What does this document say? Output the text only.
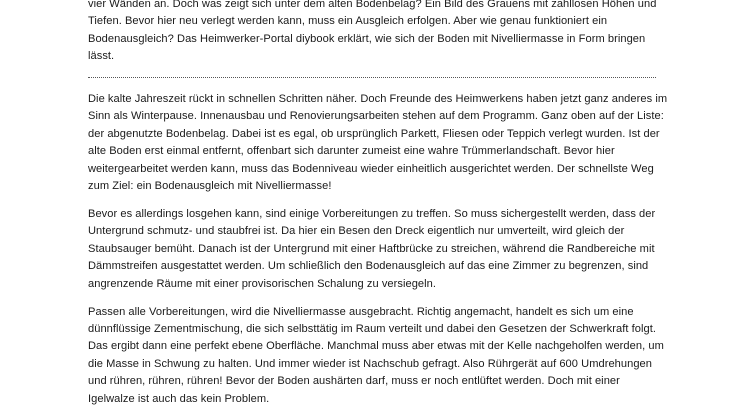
vier Wänden an. Doch was zeigt sich unter dem alten Bodenbelag? Ein Bild des Grauens mit zahllosen Höhen und Tiefen. Bevor hier neu verlegt werden kann, muss ein Ausgleich erfolgen. Aber wie genau funktioniert ein Bodenausgleich? Das Heimwerker-Portal diybook erklärt, wie sich der Boden mit Nivelliermasse in Form bringen lässt.

Die kalte Jahreszeit rückt in schnellen Schritten näher. Doch Freunde des Heimwerkens haben jetzt ganz anderes im Sinn als Winterpause. Innenausbau und Renovierungsarbeiten stehen auf dem Programm. Ganz oben auf der Liste: der abgenutzte Bodenbelag. Dabei ist es egal, ob ursprünglich Parkett, Fliesen oder Teppich verlegt wurden. Ist der alte Boden erst einmal entfernt, offenbart sich darunter zumeist eine wahre Trümmerlandschaft. Bevor hier weitergearbeitet werden kann, muss das Bodenniveau wieder einheitlich ausgerichtet werden. Der schnellste Weg zum Ziel: ein Bodenausgleich mit Nivelliermasse!

Bevor es allerdings losgehen kann, sind einige Vorbereitungen zu treffen. So muss sichergestellt werden, dass der Untergrund schmutz- und staubfrei ist. Da hier ein Besen den Dreck eigentlich nur umverteilt, wird gleich der Staubsauger bemüht. Danach ist der Untergrund mit einer Haftbrücke zu streichen, während die Randbereiche mit Dämmstreifen ausgestattet werden. Um schließlich den Bodenausgleich auf das eine Zimmer zu begrenzen, sind angrenzende Räume mit einer provisorischen Schalung zu versiegeln.

Passen alle Vorbereitungen, wird die Nivelliermasse ausgebracht. Richtig angemacht, handelt es sich um eine dünnflüssige Zementmischung, die sich selbsttätig im Raum verteilt und dabei den Gesetzen der Schwerkraft folgt. Das ergibt dann eine perfekt ebene Oberfläche. Manchmal muss aber etwas mit der Kelle nachgeholfen werden, um die Masse in Schwung zu halten. Und immer wieder ist Nachschub gefragt. Also Rührgerät auf 600 Umdrehungen und rühren, rühren, rühren! Bevor der Boden aushärten darf, muss er noch entlüftet werden. Doch mit einer Igelwalze ist auch das kein Problem.
